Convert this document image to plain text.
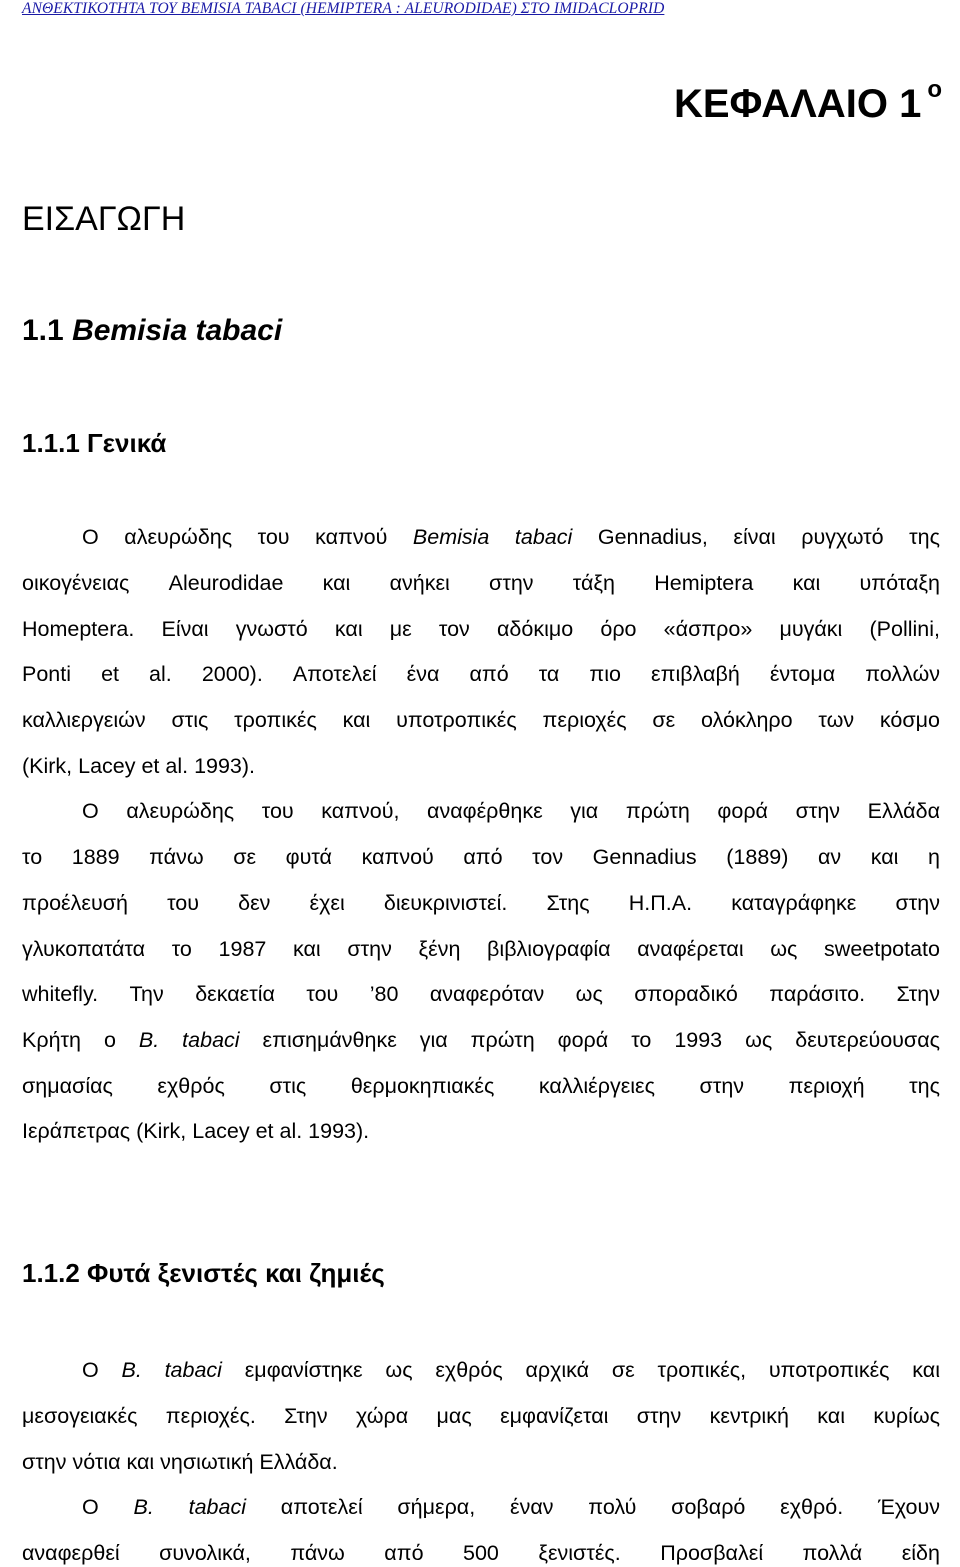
ΑΝΘΕΚΤΙΚΟΤΗΤΑ ΤΟΥ BEMISIA TABACI (HEMIPTERA : ALEURODIDAE) ΣΤΟ IMIDACLOPRID
ΚΕΦΑΛΑΙΟ 1 $^o$
ΕΙΣΑΓΩΓΗ
1.1 Bemisia tabaci
1.1.1 Γενικά
Ο αλευρώδης του καπνού Bemisia tabaci Gennadius, είναι ρυγχωτό της
οικογένειας Aleurodidae και ανήκει στην τάξη Hemiptera και υπόταξη
Homeptera. Είναι γνωστό και με τον αδόκιμο όρο «άσπρο» μυγάκι (Pollini,
Ponti et al. 2000). Αποτελεί ένα από τα πιο επιβλαβή έντομα πολλών
καλλιεργειών στις τροπικές και υποτροπικές περιοχές σε ολόκληρο των κόσμο
(Kirk, Lacey et al. 1993).
Ο αλευρώδης του καπνού, αναφέρθηκε για πρώτη φορά στην Ελλάδα
το 1889 πάνω σε φυτά καπνού από τον Gennadius (1889) αν και η
προέλευσή του δεν έχει διευκρινιστεί. Στης Η.Π.Α. καταγράφηκε στην
γλυκοπατάτα το 1987 και στην ξένη βιβλιογραφία αναφέρεται ως sweetpotato
whitefly. Την δεκαετία του ’80 αναφερόταν ως σποραδικό παράσιτο. Στην
Κρήτη ο B. tabaci επισημάνθηκε για πρώτη φορά το 1993 ως δευτερεύουσας
σημασίας εχθρός στις θερμοκηπιακές καλλιέργειες στην περιοχή της
Ιεράπετρας (Kirk, Lacey et al. 1993).
1.1.2 Φυτά ξενιστές και ζημιές
Ο B. tabaci εμφανίστηκε ως εχθρός αρχικά σε τροπικές, υποτροπικές και
μεσογειακές περιοχές. Στην χώρα μας εμφανίζεται στην κεντρική και κυρίως
στην νότια και νησιωτική Ελλάδα.
Ο B. tabaci αποτελεί σήμερα, έναν πολύ σοβαρό εχθρό. Έχουν
αναφερθεί συνολικά, πάνω από 500 ξενιστές. Προσβαλεί πολλά είδη
